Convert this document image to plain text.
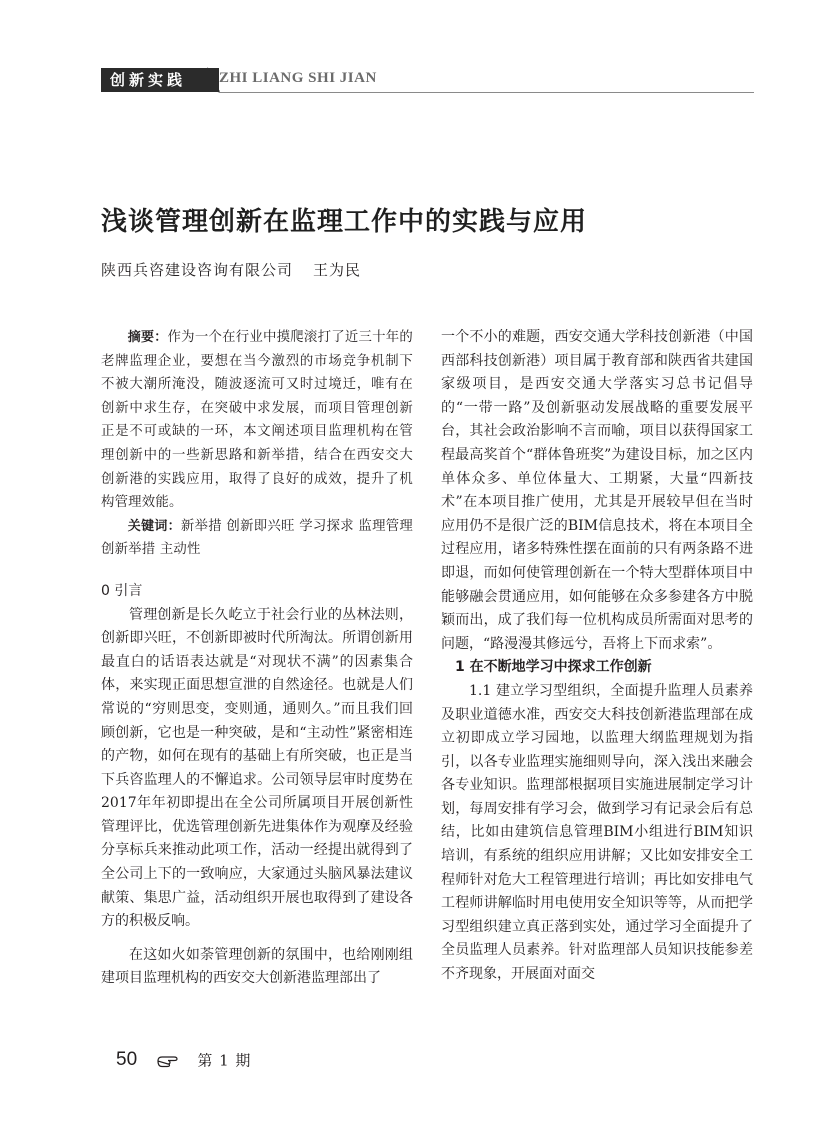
创新实践	ZHI LIANG SHI JIAN
浅谈管理创新在监理工作中的实践与应用
陕西兵咨建设咨询有限公司 王为民

摘要：作为一个在行业中摸爬滚打了近三十年的老牌监理企业，要想在当今激烈的市场竞争机制下不被大潮所淹没，随波逐流可又时过境迁，唯有在创新中求生存，在突破中求发展，而项目管理创新正是不可或缺的一环，本文阐述项目监理机构在管理创新中的一些新思路和新举措，结合在西安交大创新港的实践应用，取得了良好的成效，提升了机构管理效能。

关键词：新举措 创新即兴旺 学习探求 监理管理 创新举措 主动性

0 引言

管理创新是长久屹立于社会行业的丛林法则，创新即兴旺，不创新即被时代所淘汰。所谓创新用最直白的话语表达就是“对现状不满”的因素集合体，来实现正面思想宣泄的自然途径。也就是人们常说的“穷则思变，变则通，通则久。”而且我们回顾创新，它也是一种突破，是和“主动性”紧密相连的产物，如何在现有的基础上有所突破，也正是当下兵咨监理人的不懈追求。公司领导层审时度势在2017年年初即提出在全公司所属项目开展创新性管理评比，优选管理创新先进集体作为观摩及经验分享标兵来推动此项工作，活动一经提出就得到了全公司上下的一致响应，大家通过头脑风暴法建议献策、集思广益，活动组织开展也取得到了建设各方的积极反响。

在这如火如荼管理创新的氛围中，也给刚刚组建项目监理机构的西安交大创新港监理部出了

一个不小的难题，西安交通大学科技创新港（中国西部科技创新港）项目属于教育部和陕西省共建国家级项目，是西安交通大学落实习总书记倡导的“一带一路”及创新驱动发展战略的重要发展平台，其社会政治影响不言而喻，项目以获得国家工程最高奖首个“群体鲁班奖”为建设目标，加之区内单体众多、单位体量大、工期紧，大量“四新技术”在本项目推广使用，尤其是开展较早但在当时应用仍不是很广泛的BIM信息技术，将在本项目全过程应用，诸多特殊性摆在面前的只有两条路不进即退，而如何使管理创新在一个特大型群体项目中能够融会贯通应用，如何能够在众多参建各方中脱颖而出，成了我们每一位机构成员所需面对思考的问题，“路漫漫其修远兮，吾将上下而求索”。

1 在不断地学习中探求工作创新

1.1 建立学习型组织，全面提升监理人员素养及职业道德水准，西安交大科技创新港监理部在成立初即成立学习园地，以监理大纲监理规划为指引，以各专业监理实施细则导向，深入浅出来融会各专业知识。监理部根据项目实施进展制定学习计划，每周安排有学习会，做到学习有记录会后有总结，比如由建筑信息管理BIM小组进行BIM知识培训，有系统的组织应用讲解；又比如安排安全工程师针对危大工程管理进行培训；再比如安排电气工程师讲解临时用电使用安全知识等等，从而把学习型组织建立真正落到实处，通过学习全面提升了全员监理人员素养。针对监理部人员知识技能参差不齐现象，开展面对面交

50	第 1 期
